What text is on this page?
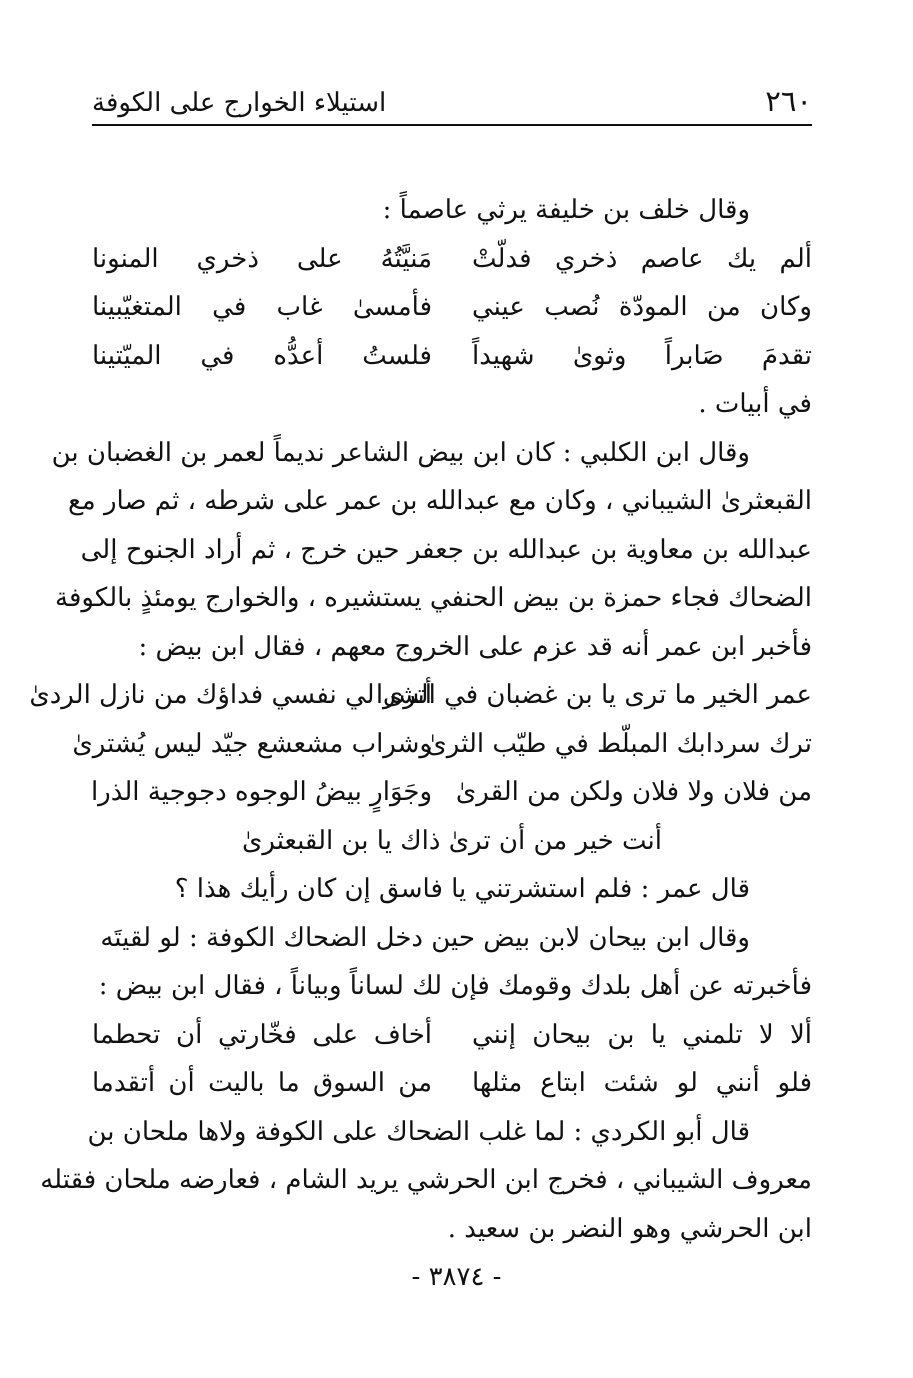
٢٦٠
استيلاء الخوارج على الكوفة
وقال خلف بن خليفة يرثي عاصماً :
ألم يك عاصم ذخري فدلّتْ
مَنيَّتُهُ على ذخري المنونا
وكان من المودّة نُصب عيني
فأمسىٰ غاب في المتغيّبينا
تقدمَ صَابراً وثوىٰ شهيداً
فلستُ أعدُّه في الميّتينا
في أبيات .
وقال ابن الكلبي : كان ابن بيض الشاعر نديماً لعمر بن الغضبان بن
القبعثرىٰ الشيباني ، وكان مع عبدالله بن عمر على شرطه ، ثم صار مع
عبدالله بن معاوية بن عبدالله بن جعفر حين خرج ، ثم أراد الجنوح إلى
الضحاك فجاء حمزة بن بيض الحنفي يستشيره ، والخوارج يومئذٍ بالكوفة
فأخبر ابن عمر أنه قد عزم على الخروج معهم ، فقال ابن بيض :
عمر الخير ما ترى يا بن غضبان في الشرا
أترى لي نفسي فداؤك من نازل الردىٰ
ترك سردابك المبلّط في طيّب الثرىٰ
وشراب مشعشع جيّد ليس يُشترىٰ
من فلان ولا فلان ولكن من القرىٰ
وجَوَارٍ بيضُ الوجوه دجوجية الذرا
أنت خير من أن ترىٰ ذاك يا بن القبعثرىٰ
قال عمر : فلم استشرتني يا فاسق إن كان رأيك هذا ؟
وقال ابن بيحان لابن بيض حين دخل الضحاك الكوفة : لو لقيتَه
فأخبرته عن أهل بلدك وقومك فإن لك لساناً وبياناً ، فقال ابن بيض :
ألا لا تلمني يا بن بيحان إنني
أخاف على فخّارتي أن تحطما
فلو أنني لو شئت ابتاع مثلها
من السوق ما باليت أن أتقدما
قال أبو الكردي : لما غلب الضحاك على الكوفة ولاها ملحان بن
معروف الشيباني ، فخرج ابن الحرشي يريد الشام ، فعارضه ملحان فقتله
ابن الحرشي وهو النضر بن سعيد .
- ٣٨٧٤ -
